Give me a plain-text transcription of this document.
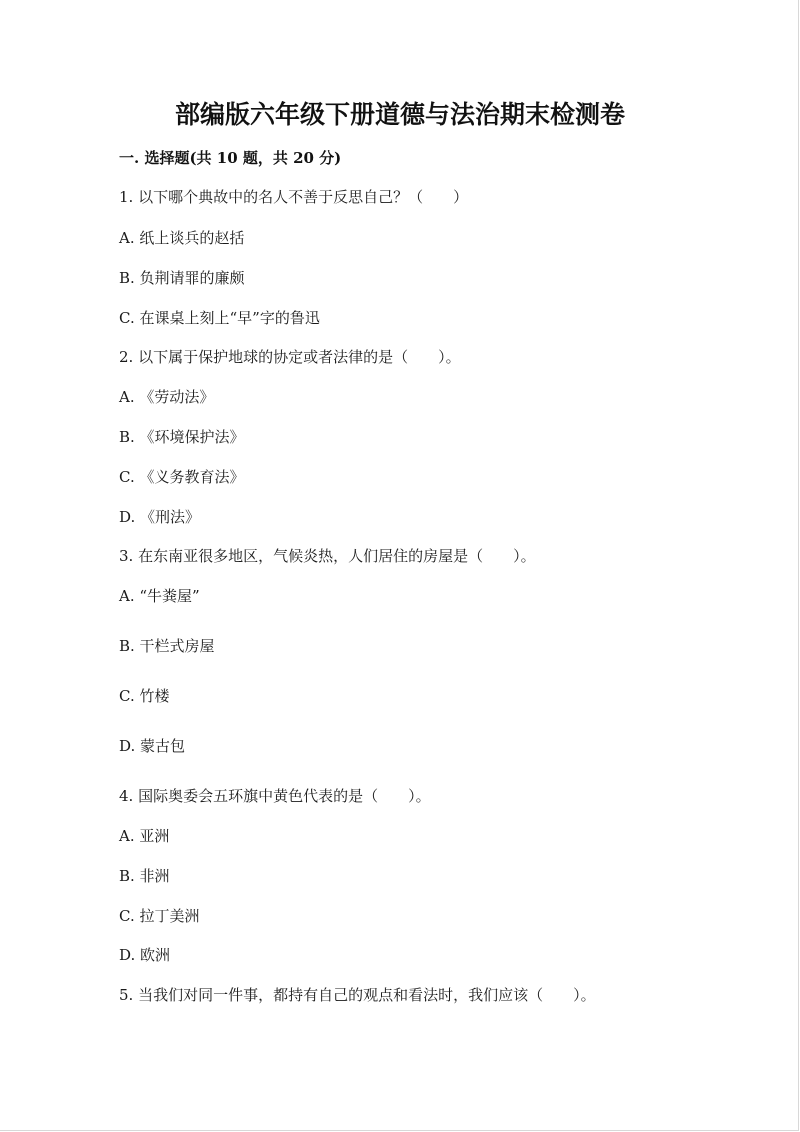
部编版六年级下册道德与法治期末检测卷
一. 选择题(共 10 题，共 20 分)
1. 以下哪个典故中的名人不善于反思自己？（　　）
A. 纸上谈兵的赵括
B. 负荆请罪的廉颇
C. 在课桌上刻上“早”字的鲁迅
2. 以下属于保护地球的协定或者法律的是（　　）。
A. 《劳动法》
B. 《环境保护法》
C. 《义务教育法》
D. 《刑法》
3. 在东南亚很多地区，气候炎热，人们居住的房屋是（　　）。
A. “牛粪屋”
B. 干栏式房屋
C. 竹楼
D. 蒙古包
4. 国际奥委会五环旗中黄色代表的是（　　）。
A. 亚洲
B. 非洲
C. 拉丁美洲
D. 欧洲
5. 当我们对同一件事，都持有自己的观点和看法时，我们应该（　　）。
